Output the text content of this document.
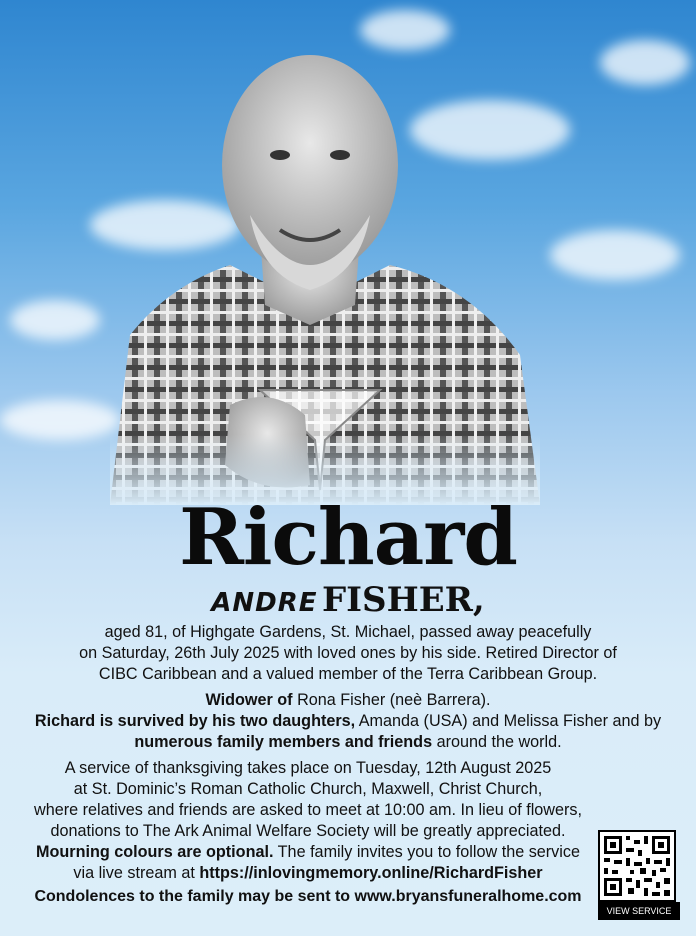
Richard
ANDRE FISHER,

aged 81, of Highgate Gardens, St. Michael, passed away peacefully
on Saturday, 26th July 2025 with loved ones by his side. Retired Director of
CIBC Caribbean and a valued member of the Terra Caribbean Group.

Widower of Rona Fisher (neè Barrera).
Richard is survived by his two daughters, Amanda (USA) and Melissa Fisher and by
numerous family members and friends around the world.

A service of thanksgiving takes place on Tuesday, 12th August 2025
at St. Dominic’s Roman Catholic Church, Maxwell, Christ Church,
where relatives and friends are asked to meet at 10:00 am. In lieu of flowers,
donations to The Ark Animal Welfare Society will be greatly appreciated.
Mourning colours are optional. The family invites you to follow the service
via live stream at https://inlovingmemory.online/RichardFisher

Condolences to the family may be sent to www.bryansfuneralhome.com

VIEW SERVICE
